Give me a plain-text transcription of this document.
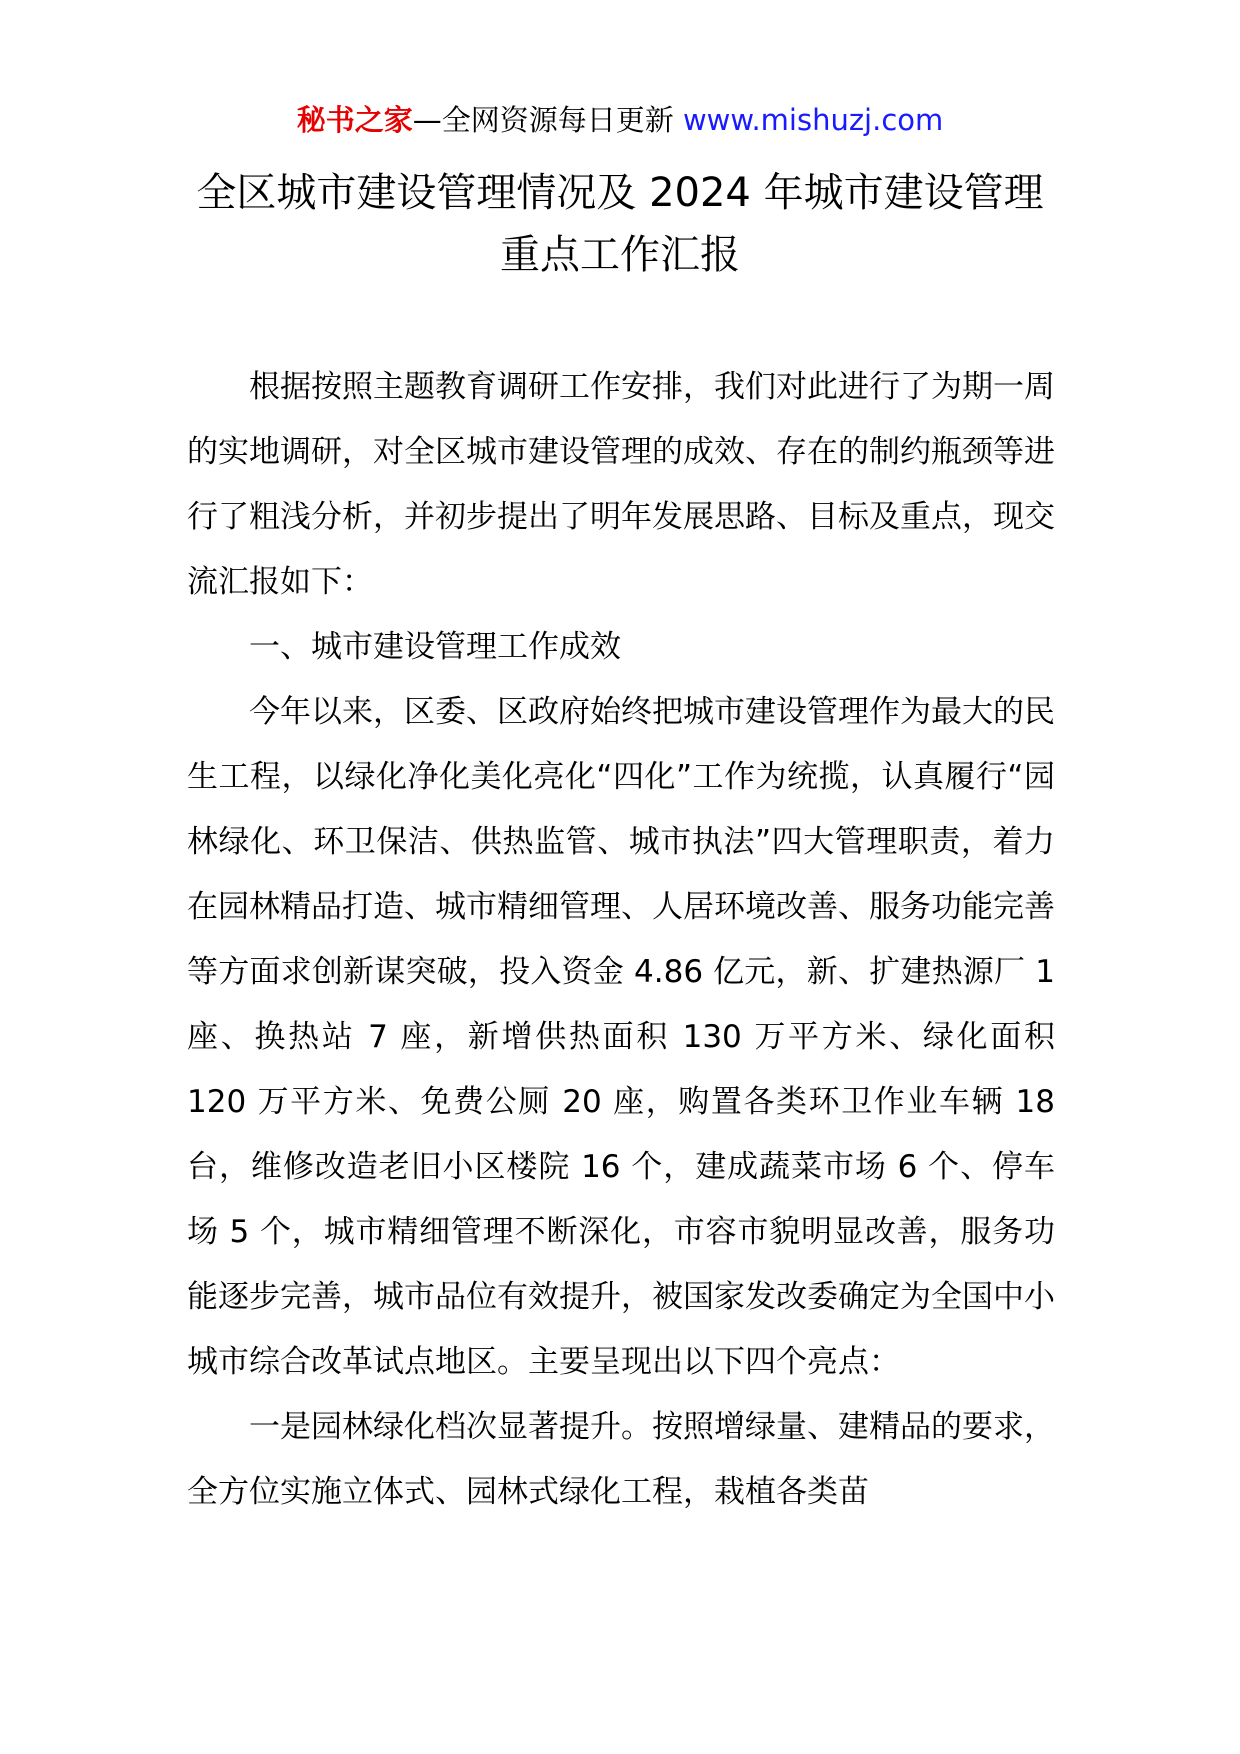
秘书之家—全网资源每日更新 www.mishuzj.com
全区城市建设管理情况及 2024 年城市建设管理
重点工作汇报

根据按照主题教育调研工作安排，我们对此进行了为期一周的实地调研，对全区城市建设管理的成效、存在的制约瓶颈等进行了粗浅分析，并初步提出了明年发展思路、目标及重点，现交流汇报如下：

一、城市建设管理工作成效

今年以来，区委、区政府始终把城市建设管理作为最大的民生工程，以绿化净化美化亮化“四化”工作为统揽，认真履行“园林绿化、环卫保洁、供热监管、城市执法”四大管理职责，着力在园林精品打造、城市精细管理、人居环境改善、服务功能完善等方面求创新谋突破，投入资金 4.86 亿元，新、扩建热源厂 1 座、换热站 7 座，新增供热面积 130 万平方米、绿化面积 120 万平方米、免费公厕 20 座，购置各类环卫作业车辆 18 台，维修改造老旧小区楼院 16 个，建成蔬菜市场 6 个、停车场 5 个，城市精细管理不断深化，市容市貌明显改善，服务功能逐步完善，城市品位有效提升，被国家发改委确定为全国中小城市综合改革试点地区。主要呈现出以下四个亮点：

一是园林绿化档次显著提升。按照增绿量、建精品的要求，全方位实施立体式、园林式绿化工程，栽植各类苗
